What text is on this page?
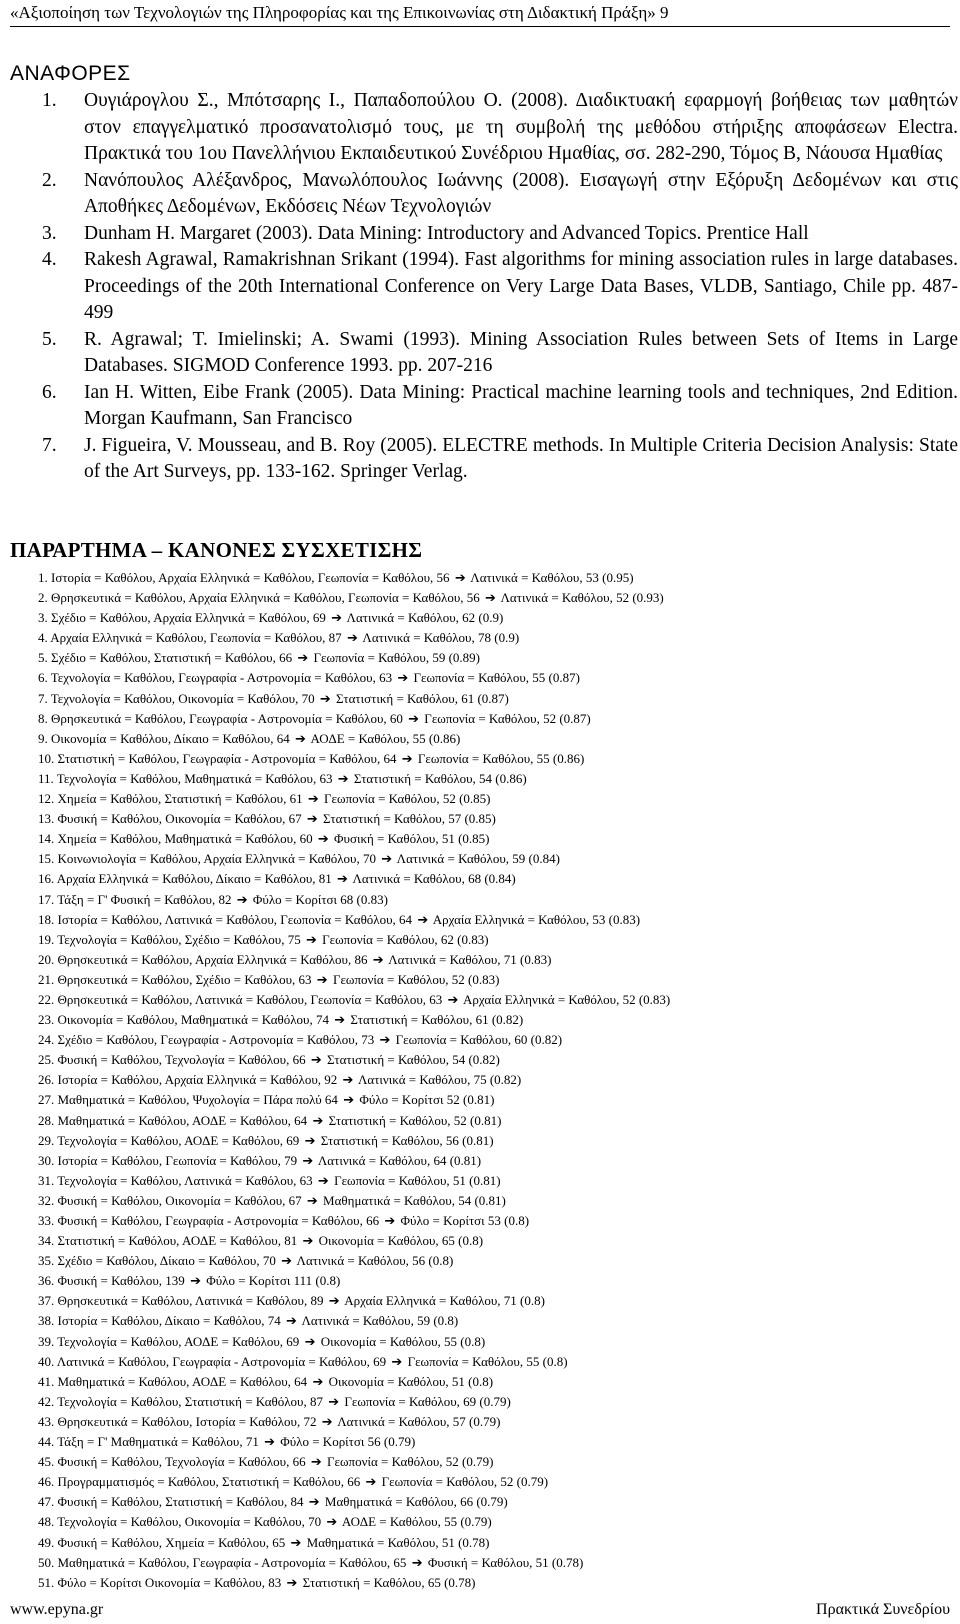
«Αξιοποίηση των Τεχνολογιών της Πληροφορίας και της Επικοινωνίας στη Διδακτική Πράξη» 9
ΑΝΑΦΟΡΕΣ
1. Ουγιάρογλου Σ., Μπότσαρης Ι., Παπαδοπούλου Ο. (2008). Διαδικτυακή εφαρμογή βοήθειας των μαθητών στον επαγγελματικό προσανατολισμό τους, με τη συμβολή της μεθόδου στήριξης αποφάσεων Electra. Πρακτικά του 1ου Πανελλήνιου Εκπαιδευτικού Συνέδριου Ημαθίας, σσ. 282-290, Τόμος Β, Νάουσα Ημαθίας
2. Νανόπουλος Αλέξανδρος, Μανωλόπουλος Ιωάννης (2008). Εισαγωγή στην Εξόρυξη Δεδομένων και στις Αποθήκες Δεδομένων, Εκδόσεις Νέων Τεχνολογιών
3. Dunham H. Margaret (2003). Data Mining: Introductory and Advanced Topics. Prentice Hall
4. Rakesh Agrawal, Ramakrishnan Srikant (1994). Fast algorithms for mining association rules in large databases. Proceedings of the 20th International Conference on Very Large Data Bases, VLDB, Santiago, Chile pp. 487-499
5. R. Agrawal; T. Imielinski; A. Swami (1993). Mining Association Rules between Sets of Items in Large Databases. SIGMOD Conference 1993. pp. 207-216
6. Ian H. Witten, Eibe Frank (2005). Data Mining: Practical machine learning tools and techniques, 2nd Edition. Morgan Kaufmann, San Francisco
7. J. Figueira, V. Mousseau, and B. Roy (2005). ELECTRE methods. In Multiple Criteria Decision Analysis: State of the Art Surveys, pp. 133-162. Springer Verlag.
ΠΑΡΑΡΤΗΜΑ – ΚΑΝΟΝΕΣ ΣΥΣΧΕΤΙΣΗΣ
1. Ιστορία = Καθόλου, Αρχαία Ελληνικά = Καθόλου, Γεωπονία = Καθόλου, 56 ➔ Λατινικά = Καθόλου, 53 (0.95)
2. Θρησκευτικά = Καθόλου, Αρχαία Ελληνικά = Καθόλου, Γεωπονία = Καθόλου, 56 ➔ Λατινικά = Καθόλου, 52 (0.93)
3. Σχέδιο = Καθόλου, Αρχαία Ελληνικά = Καθόλου, 69 ➔ Λατινικά = Καθόλου, 62 (0.9)
4. Αρχαία Ελληνικά = Καθόλου, Γεωπονία = Καθόλου, 87 ➔ Λατινικά = Καθόλου, 78 (0.9)
5. Σχέδιο = Καθόλου, Στατιστική = Καθόλου, 66 ➔ Γεωπονία = Καθόλου, 59 (0.89)
6. Τεχνολογία = Καθόλου, Γεωγραφία - Αστρονομία = Καθόλου, 63 ➔ Γεωπονία = Καθόλου, 55 (0.87)
7. Τεχνολογία = Καθόλου, Οικονομία = Καθόλου, 70 ➔ Στατιστική = Καθόλου, 61 (0.87)
8. Θρησκευτικά = Καθόλου, Γεωγραφία - Αστρονομία = Καθόλου, 60 ➔ Γεωπονία = Καθόλου, 52 (0.87)
9. Οικονομία = Καθόλου, Δίκαιο = Καθόλου, 64 ➔ ΑΟΔΕ = Καθόλου, 55 (0.86)
10. Στατιστική = Καθόλου, Γεωγραφία - Αστρονομία = Καθόλου, 64 ➔ Γεωπονία = Καθόλου, 55 (0.86)
11. Τεχνολογία = Καθόλου, Μαθηματικά = Καθόλου, 63 ➔ Στατιστική = Καθόλου, 54 (0.86)
12. Χημεία = Καθόλου, Στατιστική = Καθόλου, 61 ➔ Γεωπονία = Καθόλου, 52 (0.85)
13. Φυσική = Καθόλου, Οικονομία = Καθόλου, 67 ➔ Στατιστική = Καθόλου, 57 (0.85)
14. Χημεία = Καθόλου, Μαθηματικά = Καθόλου, 60 ➔ Φυσική = Καθόλου, 51 (0.85)
15. Κοινωνιολογία = Καθόλου, Αρχαία Ελληνικά = Καθόλου, 70 ➔ Λατινικά = Καθόλου, 59 (0.84)
16. Αρχαία Ελληνικά = Καθόλου, Δίκαιο = Καθόλου, 81 ➔ Λατινικά = Καθόλου, 68 (0.84)
17. Τάξη = Γ' Φυσική = Καθόλου, 82 ➔ Φύλο = Κορίτσι 68 (0.83)
18. Ιστορία = Καθόλου, Λατινικά = Καθόλου, Γεωπονία = Καθόλου, 64 ➔ Αρχαία Ελληνικά = Καθόλου, 53 (0.83)
19. Τεχνολογία = Καθόλου, Σχέδιο = Καθόλου, 75 ➔ Γεωπονία = Καθόλου, 62 (0.83)
20. Θρησκευτικά = Καθόλου, Αρχαία Ελληνικά = Καθόλου, 86 ➔ Λατινικά = Καθόλου, 71 (0.83)
21. Θρησκευτικά = Καθόλου, Σχέδιο = Καθόλου, 63 ➔ Γεωπονία = Καθόλου, 52 (0.83)
22. Θρησκευτικά = Καθόλου, Λατινικά = Καθόλου, Γεωπονία = Καθόλου, 63 ➔ Αρχαία Ελληνικά = Καθόλου, 52 (0.83)
23. Οικονομία = Καθόλου, Μαθηματικά = Καθόλου, 74 ➔ Στατιστική = Καθόλου, 61 (0.82)
24. Σχέδιο = Καθόλου, Γεωγραφία - Αστρονομία = Καθόλου, 73 ➔ Γεωπονία = Καθόλου, 60 (0.82)
25. Φυσική = Καθόλου, Τεχνολογία = Καθόλου, 66 ➔ Στατιστική = Καθόλου, 54 (0.82)
26. Ιστορία = Καθόλου, Αρχαία Ελληνικά = Καθόλου, 92 ➔ Λατινικά = Καθόλου, 75 (0.82)
27. Μαθηματικά = Καθόλου, Ψυχολογία = Πάρα πολύ 64 ➔ Φύλο = Κορίτσι 52 (0.81)
28. Μαθηματικά = Καθόλου, ΑΟΔΕ = Καθόλου, 64 ➔ Στατιστική = Καθόλου, 52 (0.81)
29. Τεχνολογία = Καθόλου, ΑΟΔΕ = Καθόλου, 69 ➔ Στατιστική = Καθόλου, 56 (0.81)
30. Ιστορία = Καθόλου, Γεωπονία = Καθόλου, 79 ➔ Λατινικά = Καθόλου, 64 (0.81)
31. Τεχνολογία = Καθόλου, Λατινικά = Καθόλου, 63 ➔ Γεωπονία = Καθόλου, 51 (0.81)
32. Φυσική = Καθόλου, Οικονομία = Καθόλου, 67 ➔ Μαθηματικά = Καθόλου, 54 (0.81)
33. Φυσική = Καθόλου, Γεωγραφία - Αστρονομία = Καθόλου, 66 ➔ Φύλο = Κορίτσι 53 (0.8)
34. Στατιστική = Καθόλου, ΑΟΔΕ = Καθόλου, 81 ➔ Οικονομία = Καθόλου, 65 (0.8)
35. Σχέδιο = Καθόλου, Δίκαιο = Καθόλου, 70 ➔ Λατινικά = Καθόλου, 56 (0.8)
36. Φυσική = Καθόλου, 139 ➔ Φύλο = Κορίτσι 111 (0.8)
37. Θρησκευτικά = Καθόλου, Λατινικά = Καθόλου, 89 ➔ Αρχαία Ελληνικά = Καθόλου, 71 (0.8)
38. Ιστορία = Καθόλου, Δίκαιο = Καθόλου, 74 ➔ Λατινικά = Καθόλου, 59 (0.8)
39. Τεχνολογία = Καθόλου, ΑΟΔΕ = Καθόλου, 69 ➔ Οικονομία = Καθόλου, 55 (0.8)
40. Λατινικά = Καθόλου, Γεωγραφία - Αστρονομία = Καθόλου, 69 ➔ Γεωπονία = Καθόλου, 55 (0.8)
41. Μαθηματικά = Καθόλου, ΑΟΔΕ = Καθόλου, 64 ➔ Οικονομία = Καθόλου, 51 (0.8)
42. Τεχνολογία = Καθόλου, Στατιστική = Καθόλου, 87 ➔ Γεωπονία = Καθόλου, 69 (0.79)
43. Θρησκευτικά = Καθόλου, Ιστορία = Καθόλου, 72 ➔ Λατινικά = Καθόλου, 57 (0.79)
44. Τάξη = Γ' Μαθηματικά = Καθόλου, 71 ➔ Φύλο = Κορίτσι 56 (0.79)
45. Φυσική = Καθόλου, Τεχνολογία = Καθόλου, 66 ➔ Γεωπονία = Καθόλου, 52 (0.79)
46. Προγραμματισμός = Καθόλου, Στατιστική = Καθόλου, 66 ➔ Γεωπονία = Καθόλου, 52 (0.79)
47. Φυσική = Καθόλου, Στατιστική = Καθόλου, 84 ➔ Μαθηματικά = Καθόλου, 66 (0.79)
48. Τεχνολογία = Καθόλου, Οικονομία = Καθόλου, 70 ➔ ΑΟΔΕ = Καθόλου, 55 (0.79)
49. Φυσική = Καθόλου, Χημεία = Καθόλου, 65 ➔ Μαθηματικά = Καθόλου, 51 (0.78)
50. Μαθηματικά = Καθόλου, Γεωγραφία - Αστρονομία = Καθόλου, 65 ➔ Φυσική = Καθόλου, 51 (0.78)
51. Φύλο = Κορίτσι Οικονομία = Καθόλου, 83 ➔ Στατιστική = Καθόλου, 65 (0.78)
www.epyna.gr	Πρακτικά Συνεδρίου
